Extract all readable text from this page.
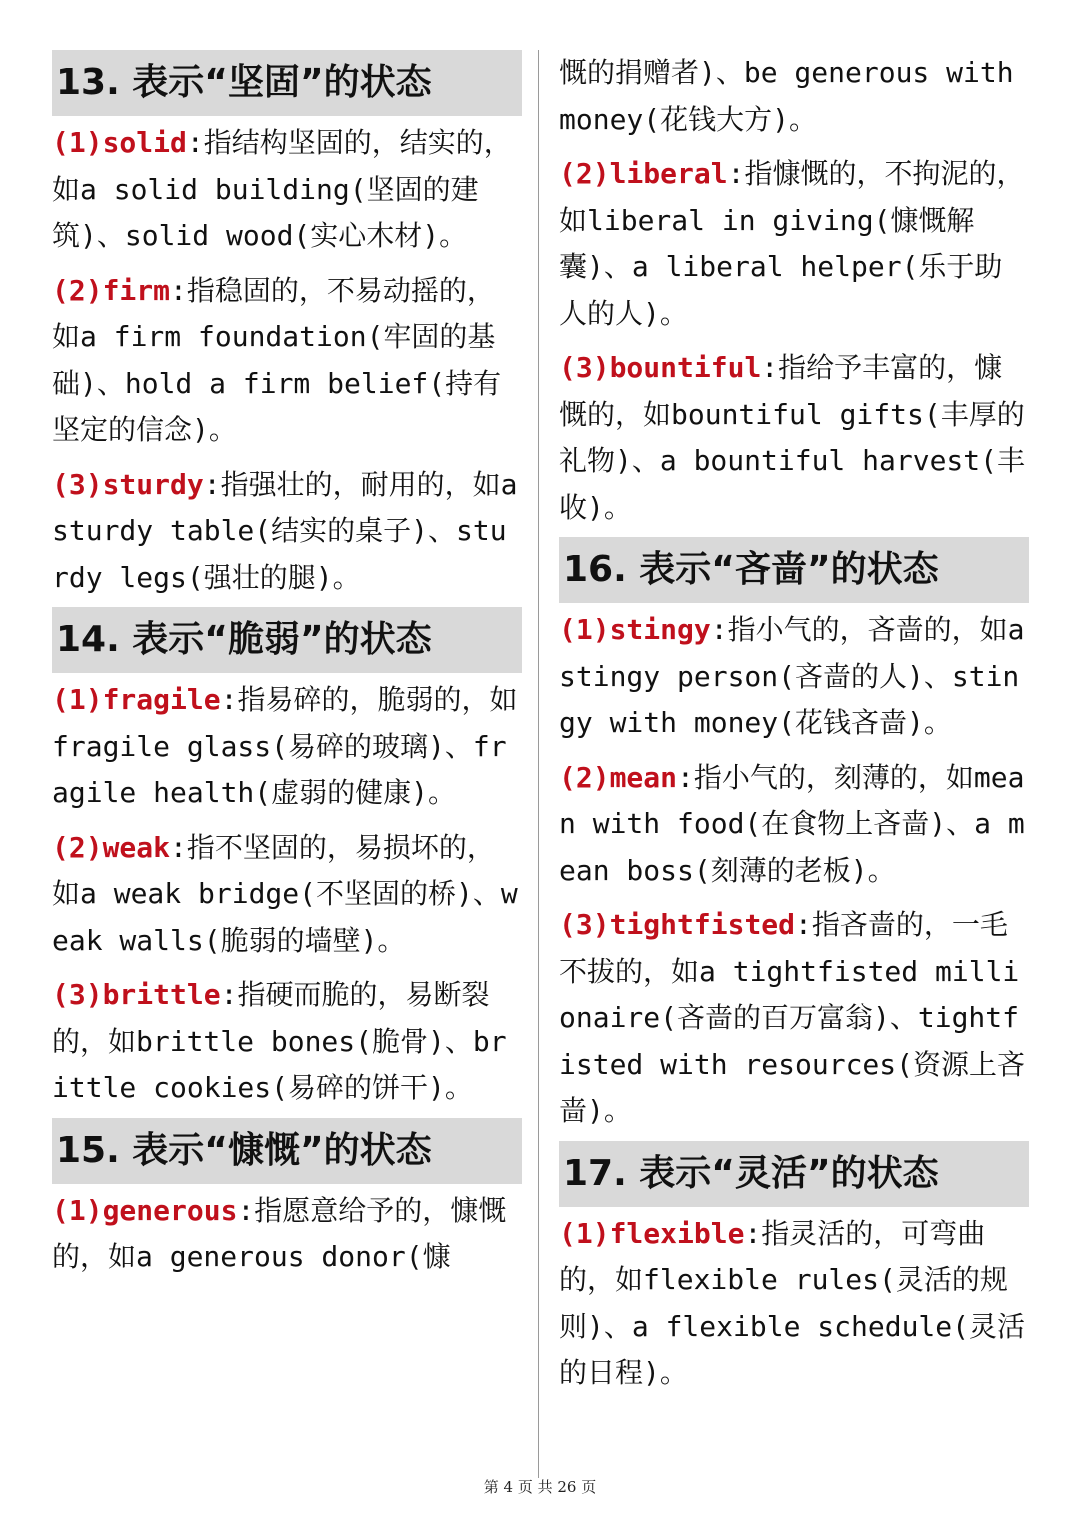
13. 表示“坚固”的状态

(1)solid:指结构坚固的，结实的，如a solid building(坚固的建筑)、solid wood(实心木材)。

(2)firm:指稳固的，不易动摇的，如a firm foundation(牢固的基础)、hold a firm belief(持有坚定的信念)。

(3)sturdy:指强壮的，耐用的，如a sturdy table(结实的桌子)、sturdy legs(强壮的腿)。

14. 表示“脆弱”的状态

(1)fragile:指易碎的，脆弱的，如fragile glass(易碎的玻璃)、fragile health(虚弱的健康)。

(2)weak:指不坚固的，易损坏的，如a weak bridge(不坚固的桥)、weak walls(脆弱的墙壁)。

(3)brittle:指硬而脆的，易断裂的，如brittle bones(脆骨)、brittle cookies(易碎的饼干)。

15. 表示“慷慨”的状态

(1)generous:指愿意给予的，慷慨的，如a generous donor(慷

慨的捐赠者)、be generous with money(花钱大方)。

(2)liberal:指慷慨的，不拘泥的，如liberal in giving(慷慨解囊)、a liberal helper(乐于助人的人)。

(3)bountiful:指给予丰富的，慷慨的，如bountiful gifts(丰厚的礼物)、a bountiful harvest(丰收)。

16. 表示“吝啬”的状态

(1)stingy:指小气的，吝啬的，如a stingy person(吝啬的人)、stingy with money(花钱吝啬)。

(2)mean:指小气的，刻薄的，如mean with food(在食物上吝啬)、a mean boss(刻薄的老板)。

(3)tightfisted:指吝啬的，一毛不拔的，如a tightfisted millionaire(吝啬的百万富翁)、tightfisted with resources(资源上吝啬)。

17. 表示“灵活”的状态

(1)flexible:指灵活的，可弯曲的，如flexible rules(灵活的规则)、a flexible schedule(灵活的日程)。

第 4 页 共 26 页
